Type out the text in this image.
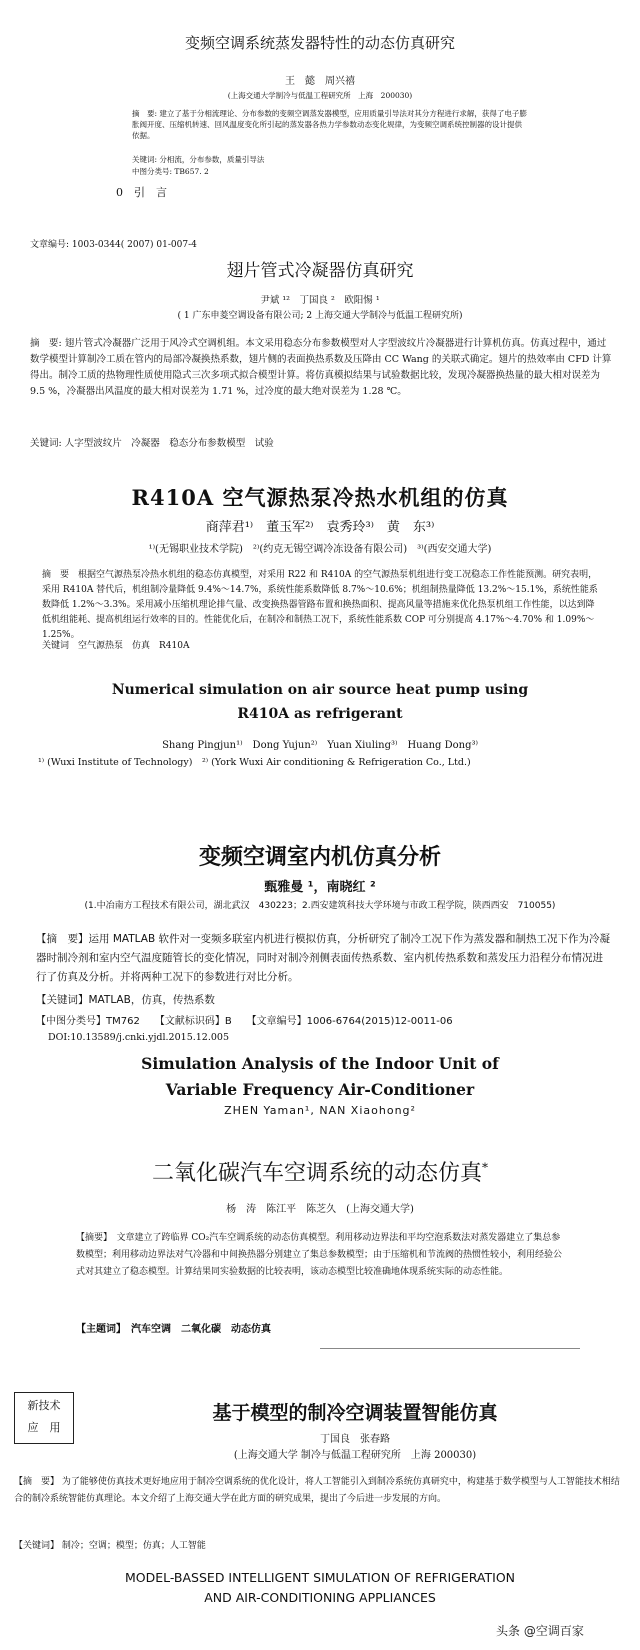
变频空调系统蒸发器特性的动态仿真研究
王　懿　周兴禧
(上海交通大学制冷与低温工程研究所　上海　200030)
摘　要: 建立了基于分相流理论、分布参数的变频空调蒸发器模型，应用质量引导法对其分方程进行求解，获得了电子膨胀阀开度、压缩机转速、回风温度变化所引起的蒸发器各热力学参数动态变化规律，为变频空调系统控制器的设计提供依据。
关键词: 分相流，分布参数，质量引导法
中图分类号: TB657. 2
0　引　言
文章编号: 1003-0344( 2007) 01-007-4
翅片管式冷凝器仿真研究
尹斌 ¹²　丁国良 ²　欧阳惕 ¹
( 1 广东申菱空调设备有限公司; 2 上海交通大学制冷与低温工程研究所)
摘　要: 翅片管式冷凝器广泛用于风冷式空调机组。本文采用稳态分布参数模型对人字型波纹片冷凝器进行计算机仿真。仿真过程中，通过数学模型计算制冷工质在管内的局部冷凝换热系数，翅片侧的表面换热系数及压降由 CC Wang 的关联式确定。翅片的热效率由 CFD 计算得出。制冷工质的热物理性质使用隐式三次多项式拟合模型计算。将仿真模拟结果与试验数据比较，发现冷凝器换热量的最大相对误差为 9.5 %，冷凝器出风温度的最大相对误差为 1.71 %，过冷度的最大绝对误差为 1.28 ℃。
关键词: 人字型波纹片　冷凝器　稳态分布参数模型　试验
R410A 空气源热泵冷热水机组的仿真
商萍君¹⁾　董玉军²⁾　袁秀玲³⁾　黄　东³⁾
¹⁾(无锡职业技术学院)　²⁾(约克无锡空调冷冻设备有限公司)　³⁾(西安交通大学)
摘　要　根据空气源热泵冷热水机组的稳态仿真模型，对采用 R22 和 R410A 的空气源热泵机组进行变工况稳态工作性能预测。研究表明，采用 R410A 替代后，机组制冷量降低 9.4%～14.7%，系统性能系数降低 8.7%～10.6%；机组制热量降低 13.2%～15.1%，系统性能系数降低 1.2%～3.3%。采用减小压缩机理论排气量、改变换热器管路布置和换热面积、提高风量等措施来优化热泵机组工作性能，以达到降低机组能耗、提高机组运行效率的目的。性能优化后，在制冷和制热工况下，系统性能系数 COP 可分别提高 4.17%～4.70% 和 1.09%～1.25%。
关键词　空气源热泵　仿真　R410A
Numerical simulation on air source heat pump using
R410A as refrigerant
Shang Pingjun¹⁾　Dong Yujun²⁾　Yuan Xiuling³⁾　Huang Dong³⁾
¹⁾ (Wuxi Institute of Technology)　²⁾ (York Wuxi Air conditioning & Refrigeration Co., Ltd.)
变频空调室内机仿真分析
甄雅曼 ¹，南晓红 ²
(1.中冶南方工程技术有限公司，湖北武汉　430223；2.西安建筑科技大学环境与市政工程学院，陕西西安　710055)
【摘　要】运用 MATLAB 软件对一变频多联室内机进行模拟仿真，分析研究了制冷工况下作为蒸发器和制热工况下作为冷凝器时制冷剂和室内空气温度随管长的变化情况，同时对制冷剂侧表面传热系数、室内机传热系数和蒸发压力沿程分布情况进行了仿真及分析。并将两种工况下的参数进行对比分析。
【关键词】MATLAB，仿真，传热系数
【中图分类号】TM762　　【文献标识码】B　　【文章编号】1006-6764(2015)12-0011-06
DOI:10.13589/j.cnki.yjdl.2015.12.005
Simulation Analysis of the Indoor Unit of
Variable Frequency Air-Conditioner
ZHEN Yaman¹, NAN Xiaohong²
二氧化碳汽车空调系统的动态仿真*
杨　涛　陈江平　陈芝久　(上海交通大学)
【摘要】　文章建立了跨临界 CO₂汽车空调系统的动态仿真模型。利用移动边界法和平均空泡系数法对蒸发器建立了集总参数模型；利用移动边界法对气冷器和中间换热器分别建立了集总参数模型；由于压缩机和节流阀的热惯性较小，利用经验公式对其建立了稳态模型。计算结果同实验数据的比较表明，该动态模型比较准确地体现系统实际的动态性能。
【主题词】　汽车空调　二氧化碳　动态仿真
新技术
应　用
基于模型的制冷空调装置智能仿真
丁国良　张春路
(上海交通大学 制冷与低温工程研究所　上海 200030)
【摘　要】 为了能够使仿真技术更好地应用于制冷空调系统的优化设计，将人工智能引入到制冷系统仿真研究中，构建基于数学模型与人工智能技术相结合的制冷系统智能仿真理论。本文介绍了上海交通大学在此方面的研究成果，提出了今后进一步发展的方向。
【关键词】 制冷；空调；模型；仿真；人工智能
MODEL-BASSED INTELLIGENT SIMULATION OF REFRIGERATION
AND AIR-CONDITIONING APPLIANCES
头条 @空调百家
